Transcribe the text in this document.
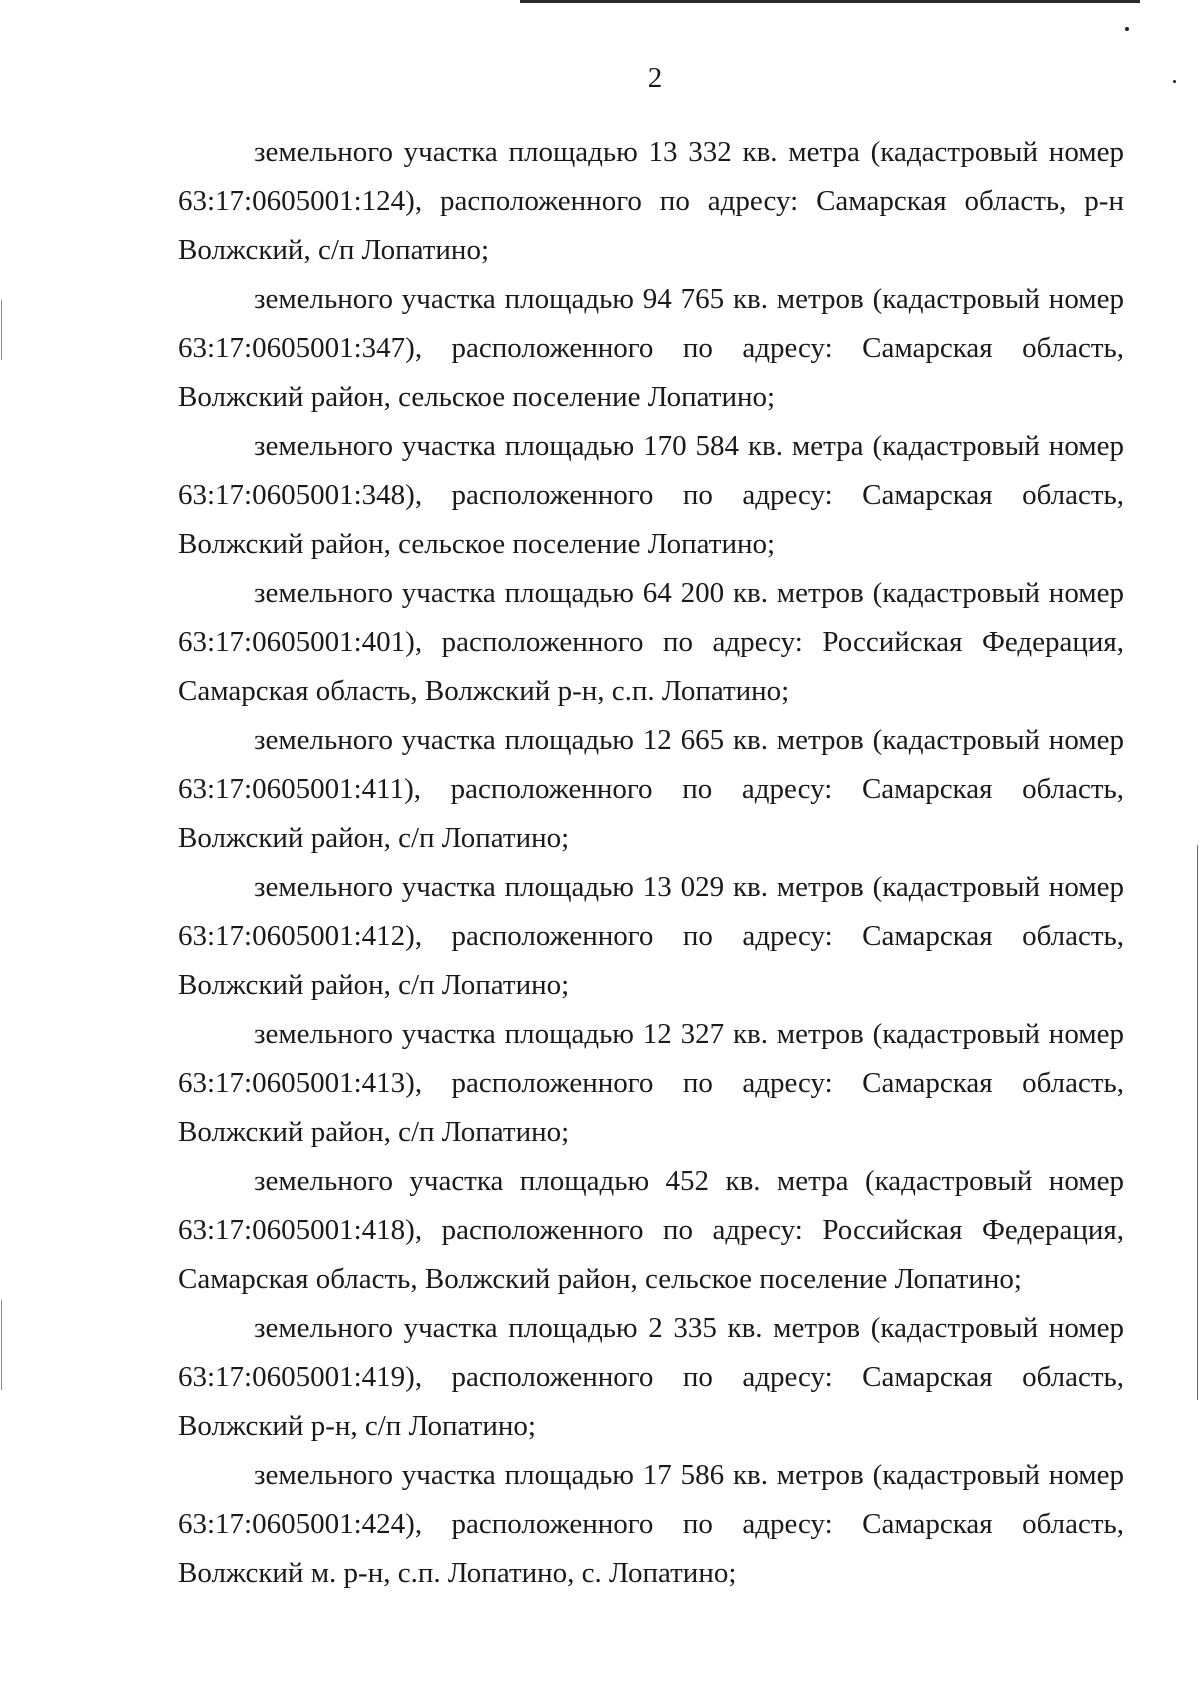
2

земельного участка площадью 13 332 кв. метра (кадастровый номер 63:17:0605001:124), расположенного по адресу: Самарская область, р-н Волжский, с/п Лопатино;

земельного участка площадью 94 765 кв. метров (кадастровый номер 63:17:0605001:347), расположенного по адресу: Самарская область, Волжский район, сельское поселение Лопатино;

земельного участка площадью 170 584 кв. метра (кадастровый номер 63:17:0605001:348), расположенного по адресу: Самарская область, Волжский район, сельское поселение Лопатино;

земельного участка площадью 64 200 кв. метров (кадастровый номер 63:17:0605001:401), расположенного по адресу: Российская Федерация, Самарская область, Волжский р-н, с.п. Лопатино;

земельного участка площадью 12 665 кв. метров (кадастровый номер 63:17:0605001:411), расположенного по адресу: Самарская область, Волжский район, с/п Лопатино;

земельного участка площадью 13 029 кв. метров (кадастровый номер 63:17:0605001:412), расположенного по адресу: Самарская область, Волжский район, с/п Лопатино;

земельного участка площадью 12 327 кв. метров (кадастровый номер 63:17:0605001:413), расположенного по адресу: Самарская область, Волжский район, с/п Лопатино;

земельного участка площадью 452 кв. метра (кадастровый номер 63:17:0605001:418), расположенного по адресу: Российская Федерация, Самарская область, Волжский район, сельское поселение Лопатино;

земельного участка площадью 2 335 кв. метров (кадастровый номер 63:17:0605001:419), расположенного по адресу: Самарская область, Волжский р-н, с/п Лопатино;

земельного участка площадью 17 586 кв. метров (кадастровый номер 63:17:0605001:424), расположенного по адресу: Самарская область, Волжский м. р-н, с.п. Лопатино, с. Лопатино;
